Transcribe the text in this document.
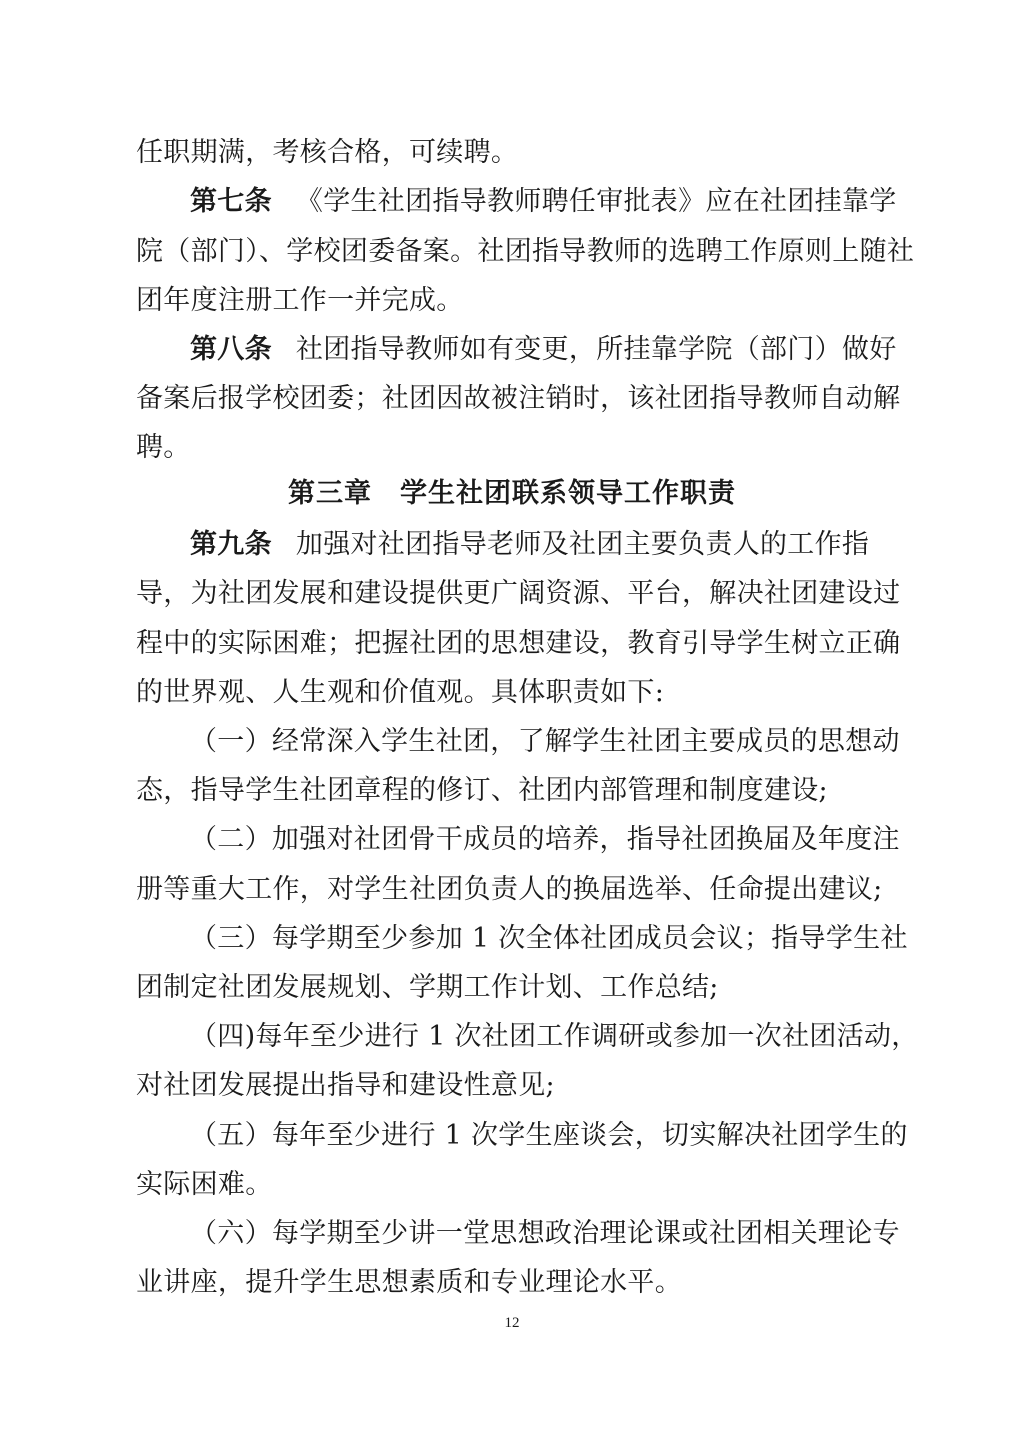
任职期满，考核合格，可续聘。
第七条 《学生社团指导教师聘任审批表》应在社团挂靠学
院（部门）、学校团委备案。社团指导教师的选聘工作原则上随社
团年度注册工作一并完成。
第八条 社团指导教师如有变更，所挂靠学院（部门）做好
备案后报学校团委；社团因故被注销时，该社团指导教师自动解
聘。
第三章　学生社团联系领导工作职责
第九条 加强对社团指导老师及社团主要负责人的工作指
导，为社团发展和建设提供更广阔资源、平台，解决社团建设过
程中的实际困难；把握社团的思想建设，教育引导学生树立正确
的世界观、人生观和价值观。具体职责如下:
（一）经常深入学生社团，了解学生社团主要成员的思想动
态，指导学生社团章程的修订、社团内部管理和制度建设;
（二）加强对社团骨干成员的培养，指导社团换届及年度注
册等重大工作，对学生社团负责人的换届选举、任命提出建议;
（三）每学期至少参加 1 次全体社团成员会议；指导学生社
团制定社团发展规划、学期工作计划、工作总结;
（四)每年至少进行 1 次社团工作调研或参加一次社团活动，
对社团发展提出指导和建设性意见;
（五）每年至少进行 1 次学生座谈会，切实解决社团学生的
实际困难。
（六）每学期至少讲一堂思想政治理论课或社团相关理论专
业讲座，提升学生思想素质和专业理论水平。
12
